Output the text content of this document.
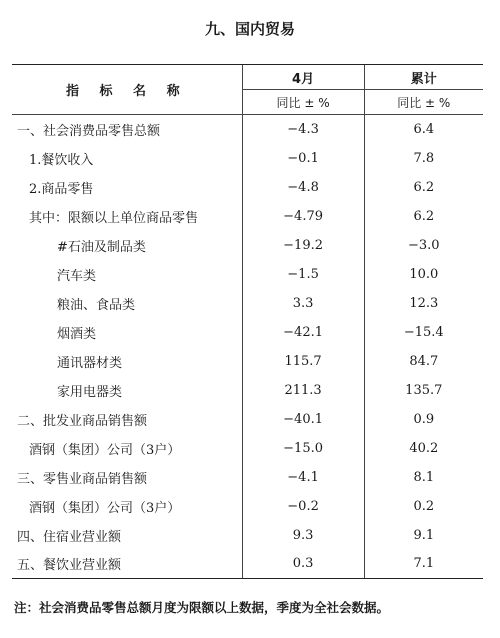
九、国内贸易
指 标 名 称	4月	累计
	同比 ± %	同比 ± %
一、社会消费品零售总额	−4.3	6.4
1.餐饮收入	−0.1	7.8
2.商品零售	−4.8	6.2
其中：限额以上单位商品零售	−4.79	6.2
#石油及制品类	−19.2	−3.0
汽车类	−1.5	10.0
粮油、食品类	3.3	12.3
烟酒类	−42.1	−15.4
通讯器材类	115.7	84.7
家用电器类	211.3	135.7
二、批发业商品销售额	−40.1	0.9
酒钢（集团）公司（3户）	−15.0	40.2
三、零售业商品销售额	−4.1	8.1
酒钢（集团）公司（3户）	−0.2	0.2
四、住宿业营业额	9.3	9.1
五、餐饮业营业额	0.3	7.1
注：社会消费品零售总额月度为限额以上数据，季度为全社会数据。
